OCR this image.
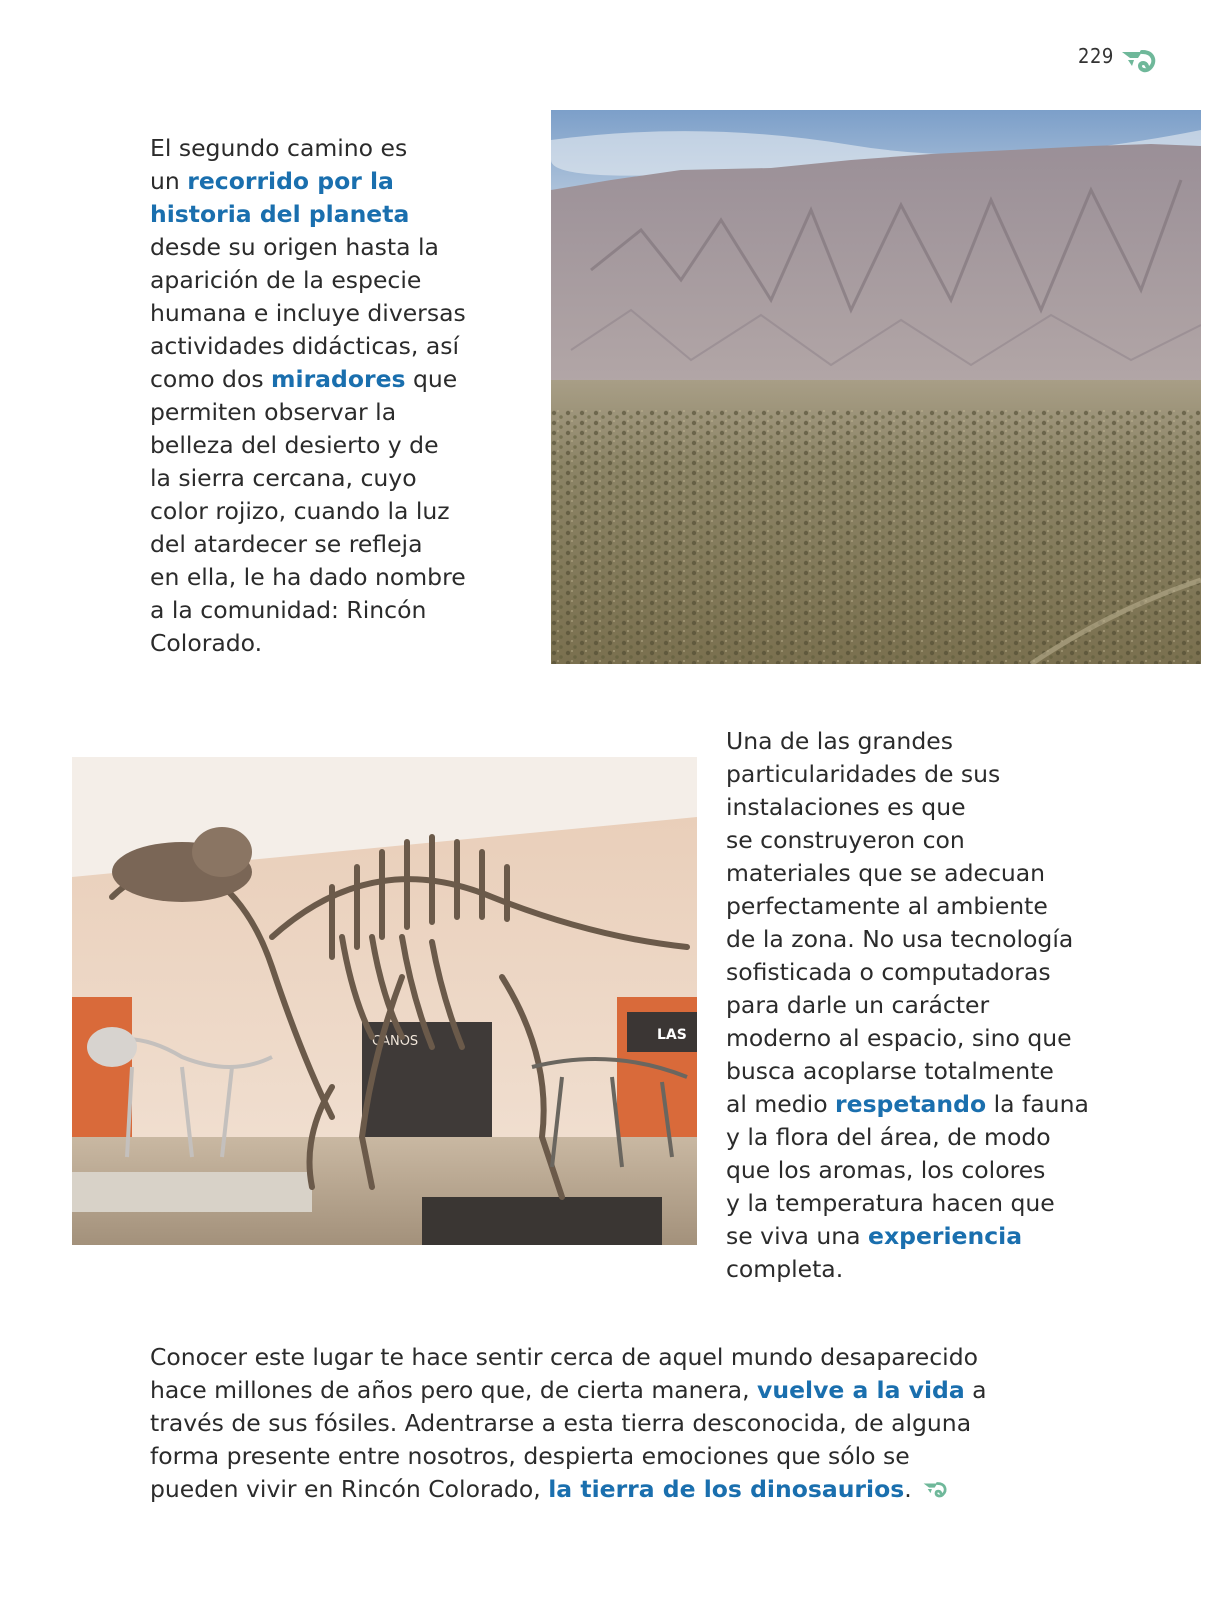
229
El segundo camino es
un recorrido por la
historia del planeta
desde su origen hasta la
aparición de la especie
humana e incluye diversas
actividades didácticas, así
como dos miradores que
permiten observar la
belleza del desierto y de
la sierra cercana, cuyo
color rojizo, cuando la luz
del atardecer se refleja
en ella, le ha dado nombre
a la comunidad: Rincón
Colorado.
CANOS	LAS
Una de las grandes
particularidades de sus
instalaciones es que
se construyeron con
materiales que se adecuan
perfectamente al ambiente
de la zona. No usa tecnología
sofisticada o computadoras
para darle un carácter
moderno al espacio, sino que
busca acoplarse totalmente
al medio respetando la fauna
y la flora del área, de modo
que los aromas, los colores
y la temperatura hacen que
se viva una experiencia
completa.
Conocer este lugar te hace sentir cerca de aquel mundo desaparecido
hace millones de años pero que, de cierta manera, vuelve a la vida a
través de sus fósiles. Adentrarse a esta tierra desconocida, de alguna
forma presente entre nosotros, despierta emociones que sólo se
pueden vivir en Rincón Colorado, la tierra de los dinosaurios.
